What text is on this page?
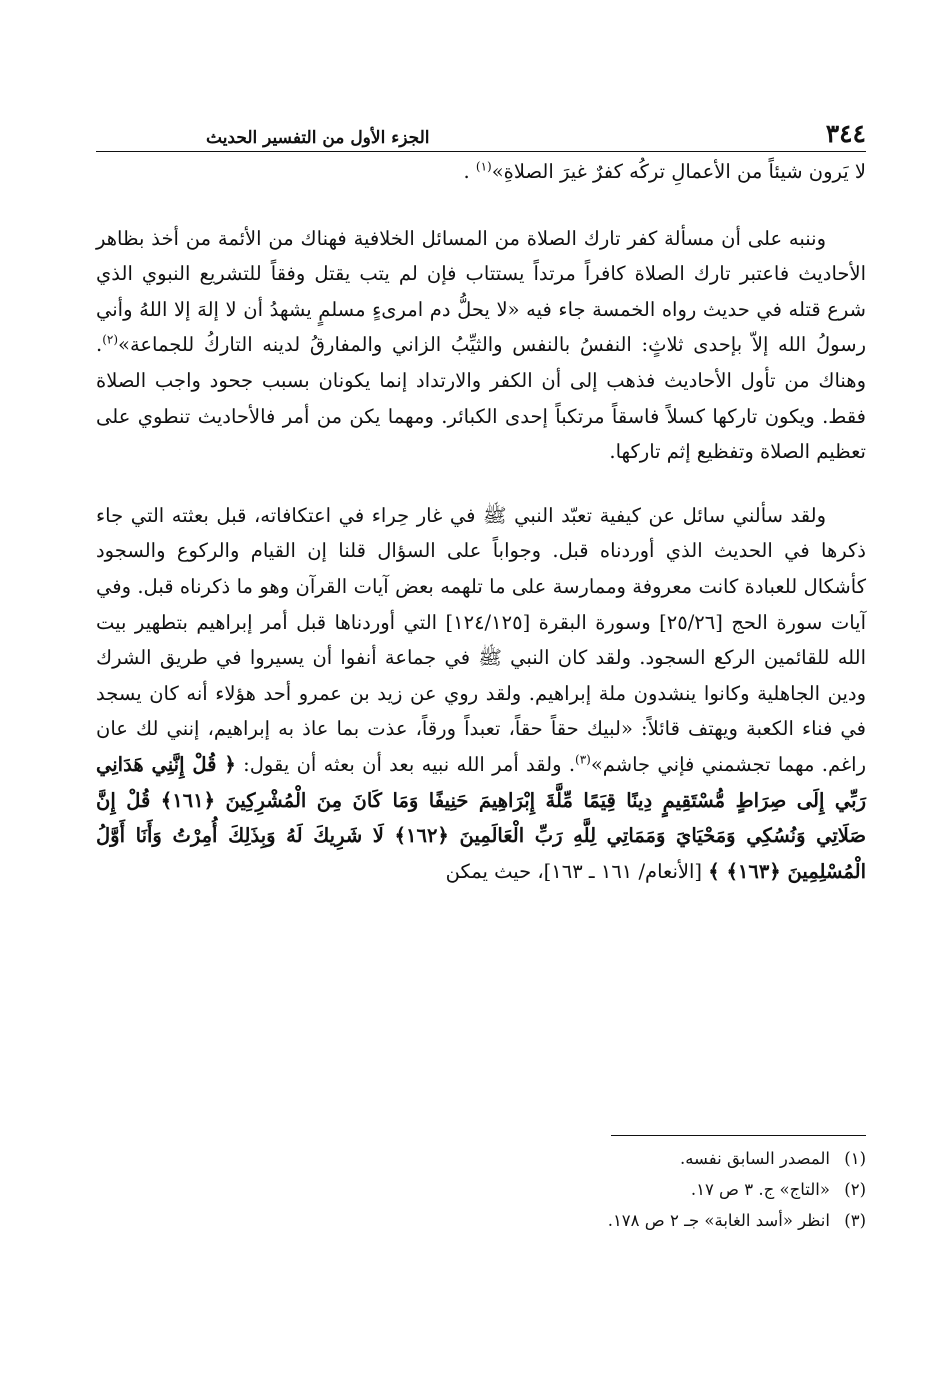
٣٤٤
الجزء الأول من التفسير الحديث

لا يَرون شيئاً من الأعمالِ تركُه كفرٌ غيرَ الصلاةِ»$^{(١)}$ .

وننبه على أن مسألة كفر تارك الصلاة من المسائل الخلافية فهناك من الأئمة من أخذ بظاهر الأحاديث فاعتبر تارك الصلاة كافراً مرتداً يستتاب فإن لم يتب يقتل وفقاً للتشريع النبوي الذي شرع قتله في حديث رواه الخمسة جاء فيه «لا يحلُّ دم امرىءٍ مسلمٍ يشهدُ أن لا إلهَ إلا اللهُ وأني رسولُ الله إلاّ بإحدى ثلاثٍ: النفسُ بالنفس والثيِّبُ الزاني والمفارقُ لدينه التاركُ للجماعة»$^{(٢)}$. وهناك من تأول الأحاديث فذهب إلى أن الكفر والارتداد إنما يكونان بسبب جحود واجب الصلاة فقط. ويكون تاركها كسلاً فاسقاً مرتكباً إحدى الكبائر. ومهما يكن من أمر فالأحاديث تنطوي على تعظيم الصلاة وتفظيع إثم تاركها.

ولقد سألني سائل عن كيفية تعبّد النبي ﷺ في غار حِراء في اعتكافاته، قبل بعثته التي جاء ذكرها في الحديث الذي أوردناه قبل. وجواباً على السؤال قلنا إن القيام والركوع والسجود كأشكال للعبادة كانت معروفة وممارسة على ما تلهمه بعض آيات القرآن وهو ما ذكرناه قبل. وفي آيات سورة الحج [٢٥/٢٦] وسورة البقرة [١٢٤/١٢٥] التي أوردناها قبل أمر إبراهيم بتطهير بيت الله للقائمين الركع السجود. ولقد كان النبي ﷺ في جماعة أنفوا أن يسيروا في طريق الشرك ودين الجاهلية وكانوا ينشدون ملة إبراهيم. ولقد روي عن زيد بن عمرو أحد هؤلاء أنه كان يسجد في فناء الكعبة ويهتف قائلاً: «لبيك حقاً حقاً، تعبداً ورقاً، عذت بما عاذ به إبراهيم، إنني لك عان راغم. مهما تجشمني فإني جاشم»$^{(٣)}$. ولقد أمر الله نبيه بعد أن بعثه أن يقول: ﴿ قُلْ إِنَّنِي هَدَانِي رَبِّي إِلَى صِرَاطٍ مُّسْتَقِيمٍ دِينًا قِيَمًا مِّلَّةَ إِبْرَاهِيمَ حَنِيفًا وَمَا كَانَ مِنَ الْمُشْرِكِينَ ﴿١٦١﴾ قُلْ إِنَّ صَلَاتِي وَنُسُكِي وَمَحْيَايَ وَمَمَاتِي لِلَّهِ رَبِّ الْعَالَمِينَ ﴿١٦٢﴾ لَا شَرِيكَ لَهُ وَبِذَلِكَ أُمِرْتُ وَأَنَا أَوَّلُ الْمُسْلِمِينَ ﴿١٦٣﴾ ﴾ [الأنعام/ ١٦١ ـ ١٦٣]، حيث يمكن

(١)
المصدر السابق نفسه.
(٢)
«التاج» ج. ٣ ص ١٧.
(٣)
انظر «أسد الغابة» جـ ٢ ص ١٧٨.
